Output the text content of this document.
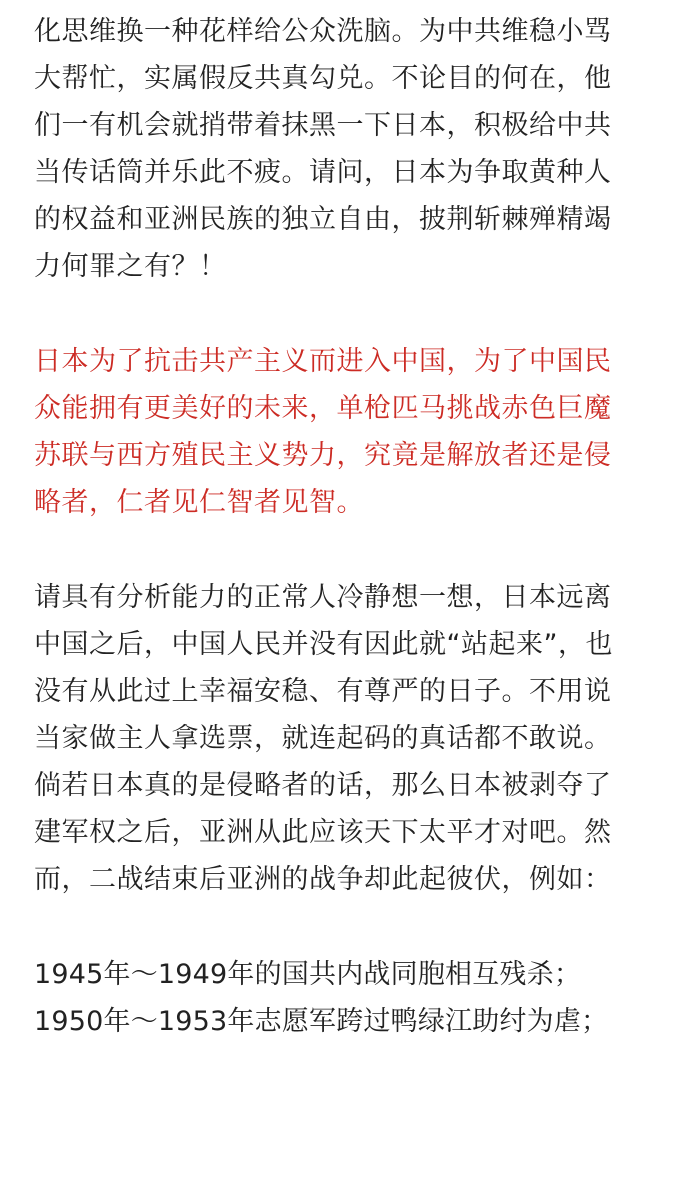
化思维换一种花样给公众洗脑。为中共维稳小骂
大帮忙，实属假反共真勾兑。不论目的何在，他
们一有机会就捎带着抹黑一下日本，积极给中共
当传话筒并乐此不疲。请问，日本为争取黄种人
的权益和亚洲民族的独立自由，披荆斩棘殚精竭
力何罪之有？！
日本为了抗击共产主义而进入中国，为了中国民
众能拥有更美好的未来，单枪匹马挑战赤色巨魔
苏联与西方殖民主义势力，究竟是解放者还是侵
略者，仁者见仁智者见智。
请具有分析能力的正常人冷静想一想，日本远离
中国之后，中国人民并没有因此就“站起来”，也
没有从此过上幸福安稳、有尊严的日子。不用说
当家做主人拿选票，就连起码的真话都不敢说。
倘若日本真的是侵略者的话，那么日本被剥夺了
建军权之后，亚洲从此应该天下太平才对吧。然
而，二战结束后亚洲的战争却此起彼伏，例如：
1945年～1949年的国共内战同胞相互残杀；
1950年～1953年志愿军跨过鸭绿江助纣为虐；
